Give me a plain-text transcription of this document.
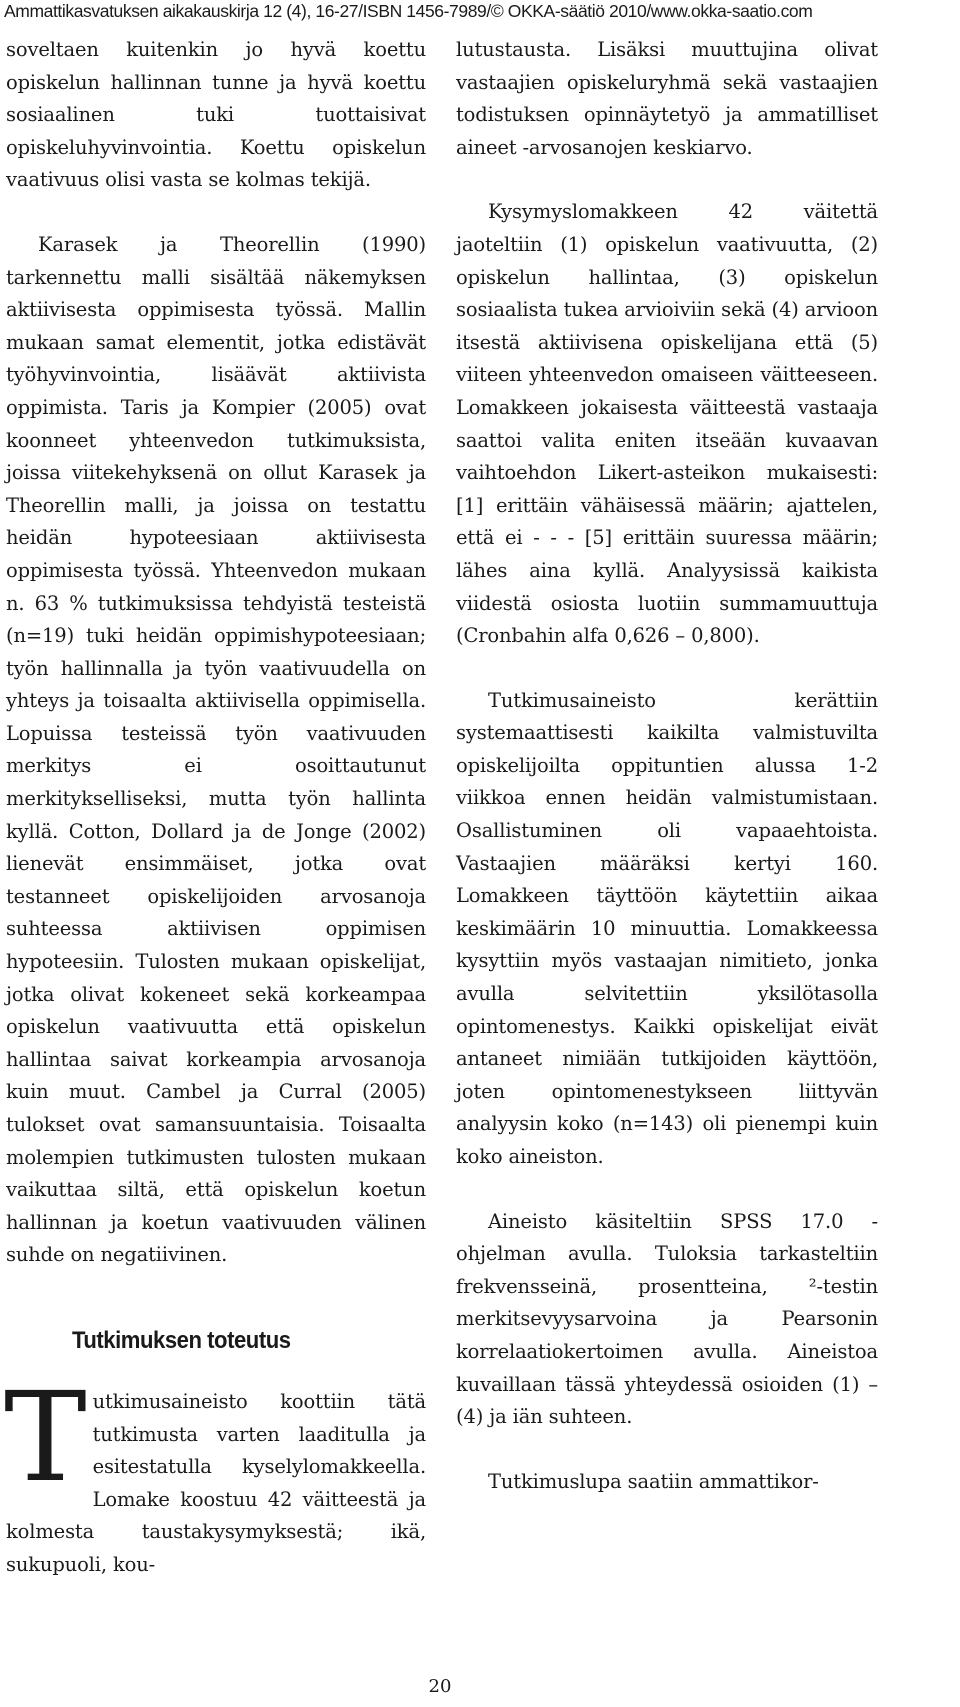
Ammattikasvatuksen aikakauskirja 12 (4), 16-27/ISBN 1456-7989/© OKKA-säätiö 2010/www.okka-saatio.com

soveltaen kuitenkin jo hyvä koettu opiskelun hallinnan tunne ja hyvä koettu sosiaalinen tuki tuottaisivat opiskeluhyvinvointia. Koettu opiskelun vaativuus olisi vasta se kolmas tekijä.

Karasek ja Theorellin (1990) tarkennettu malli sisältää näkemyksen aktiivisesta oppimisesta työssä. Mallin mukaan samat elementit, jotka edistävät työhyvinvointia, lisäävät aktiivista oppimista. Taris ja Kompier (2005) ovat koonneet yhteenvedon tutkimuksista, joissa viitekehyksenä on ollut Karasek ja Theorellin malli, ja joissa on testattu heidän hypoteesiaan aktiivisesta oppimisesta työssä. Yhteenvedon mukaan n. 63 % tutkimuksissa tehdyistä testeistä (n=19) tuki heidän oppimishypoteesiaan; työn hallinnalla ja työn vaativuudella on yhteys ja toisaalta aktiivisella oppimisella. Lopuissa testeissä työn vaativuuden merkitys ei osoittautunut merkitykselliseksi, mutta työn hallinta kyllä. Cotton, Dollard ja de Jonge (2002) lienevät ensimmäiset, jotka ovat testanneet opiskelijoiden arvosanoja suhteessa aktiivisen oppimisen hypoteesiin. Tulosten mukaan opiskelijat, jotka olivat kokeneet sekä korkeampaa opiskelun vaativuutta että opiskelun hallintaa saivat korkeampia arvosanoja kuin muut. Cambel ja Curral (2005) tulokset ovat samansuuntaisia. Toisaalta molempien tutkimusten tulosten mukaan vaikuttaa siltä, että opiskelun koetun hallinnan ja koetun vaativuuden välinen suhde on negatiivinen.

Tutkimuksen toteutus

Tutkimusaineisto koottiin tätä tutkimusta varten laaditulla ja esitestatulla kyselylomakkeella. Lomake koostuu 42 väitteestä ja kolmesta taustakysymyksestä; ikä, sukupuoli, kou-

lutustausta. Lisäksi muuttujina olivat vastaajien opiskeluryhmä sekä vastaajien todistuksen opinnäytetyö ja ammatilliset aineet -arvosanojen keskiarvo.

Kysymyslomakkeen 42 väitettä jaoteltiin (1) opiskelun vaativuutta, (2) opiskelun hallintaa, (3) opiskelun sosiaalista tukea arvioiviin sekä (4) arvioon itsestä aktiivisena opiskelijana että (5) viiteen yhteenvedon omaiseen väitteeseen. Lomakkeen jokaisesta väitteestä vastaaja saattoi valita eniten itseään kuvaavan vaihtoehdon Likert-asteikon mukaisesti: [1] erittäin vähäisessä määrin; ajattelen, että ei - - - [5] erittäin suuressa määrin; lähes aina kyllä. Analyysissä kaikista viidestä osiosta luotiin summamuuttuja (Cronbahin alfa 0,626 – 0,800).

Tutkimusaineisto kerättiin systemaattisesti kaikilta valmistuvilta opiskelijoilta oppituntien alussa 1-2 viikkoa ennen heidän valmistumistaan. Osallistuminen oli vapaaehtoista. Vastaajien määräksi kertyi 160. Lomakkeen täyttöön käytettiin aikaa keskimäärin 10 minuuttia. Lomakkeessa kysyttiin myös vastaajan nimitieto, jonka avulla selvitettiin yksilötasolla opintomenestys. Kaikki opiskelijat eivät antaneet nimiään tutkijoiden käyttöön, joten opintomenestykseen liittyvän analyysin koko (n=143) oli pienempi kuin koko aineiston.

Aineisto käsiteltiin SPSS 17.0 -ohjelman avulla. Tuloksia tarkasteltiin frekvensseinä, prosentteina, ²-testin merkitsevyysarvoina ja Pearsonin korrelaatiokertoimen avulla. Aineistoa kuvaillaan tässä yhteydessä osioiden (1) – (4) ja iän suhteen.

Tutkimuslupa saatiin ammattikor-

20
